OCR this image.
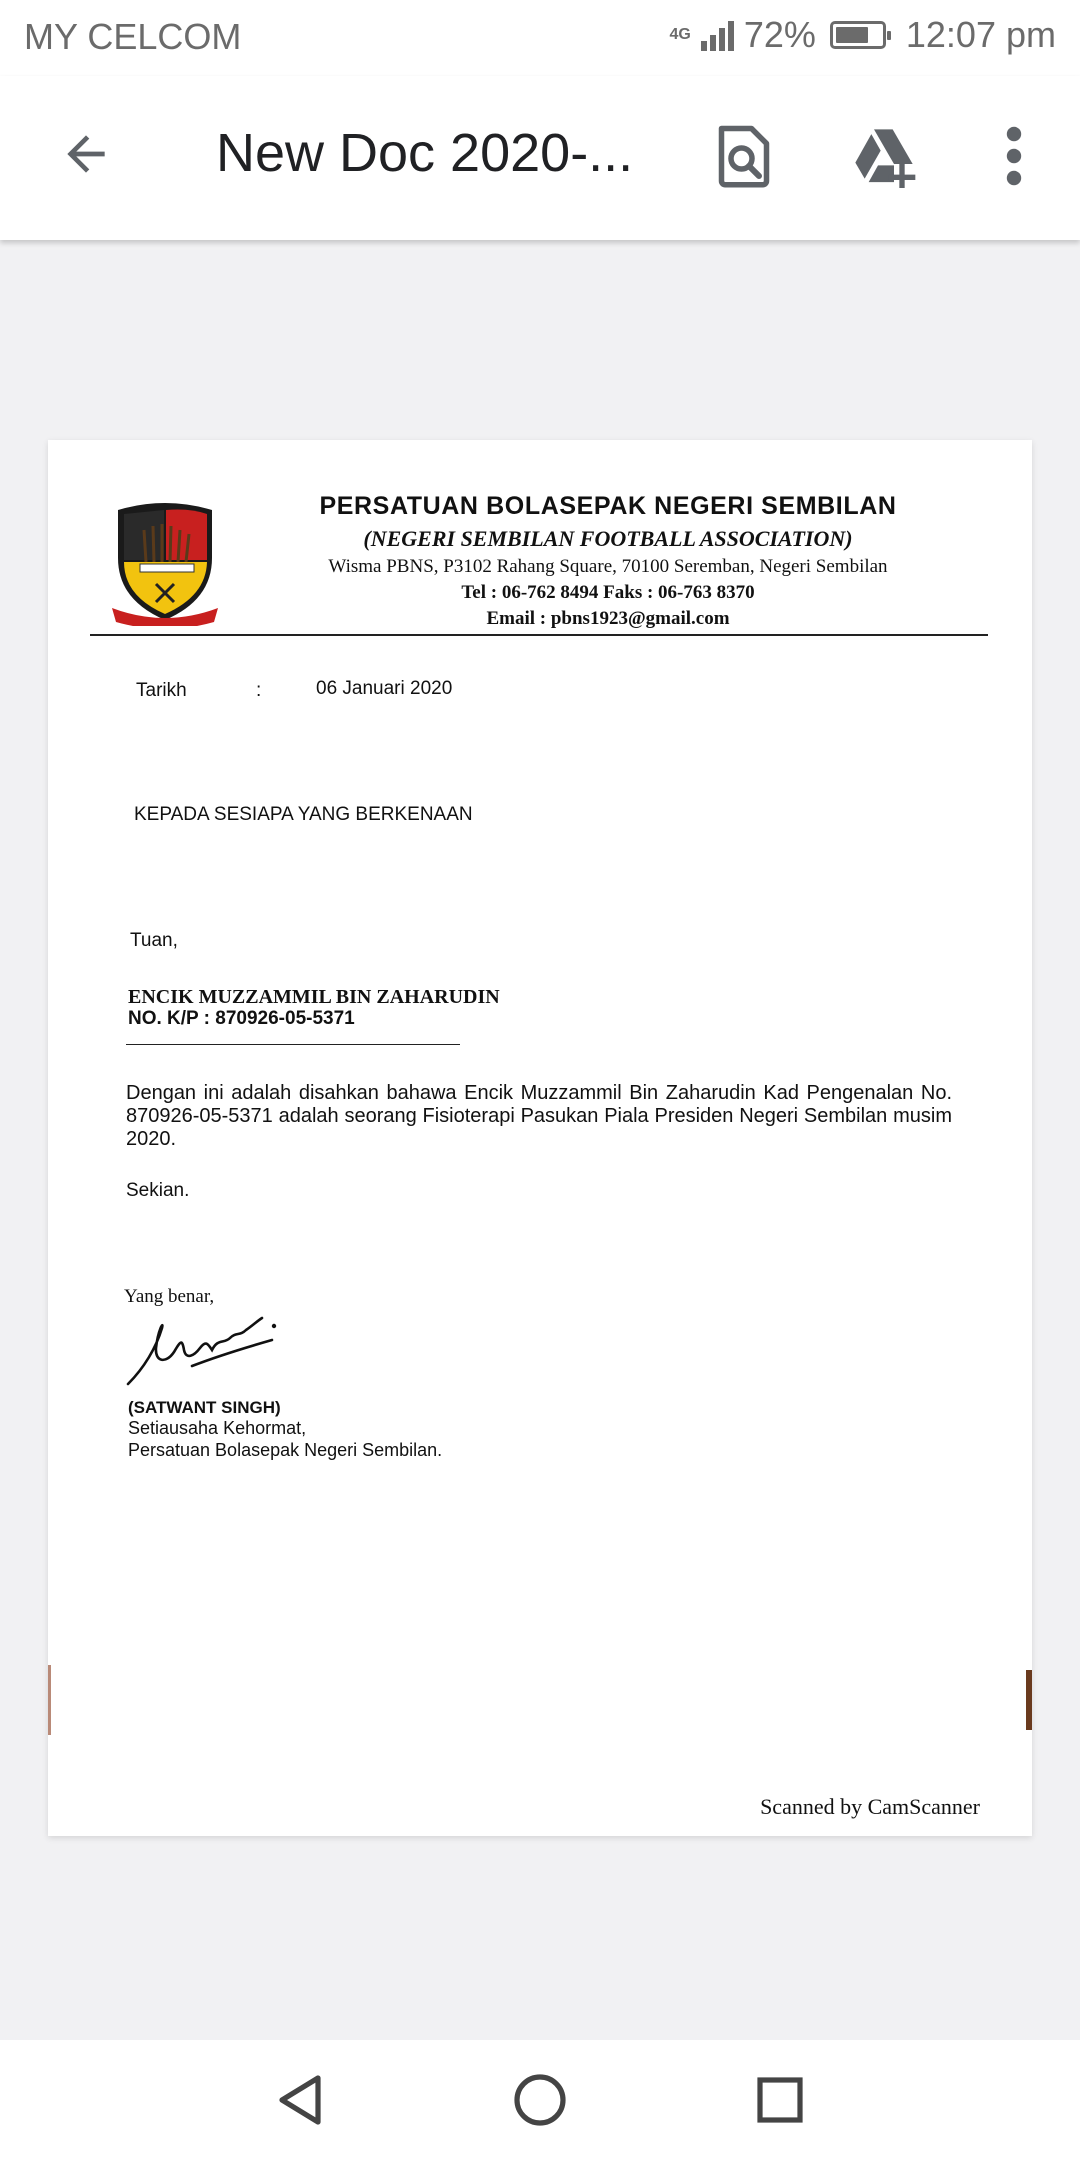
MY CELCOM	4G 72%	12:07 pm
New Doc 2020-...
PERSATUAN BOLASEPAK NEGERI SEMBILAN
(NEGERI SEMBILAN FOOTBALL ASSOCIATION)
Wisma PBNS, P3102 Rahang Square, 70100 Seremban, Negeri Sembilan
Tel : 06-762 8494 Faks : 06-763 8370
Email : pbns1923@gmail.com
Tarikh	:	06 Januari 2020
KEPADA SESIAPA YANG BERKENAAN
Tuan,
ENCIK MUZZAMMIL BIN ZAHARUDIN
NO. K/P : 870926-05-5371
Dengan ini adalah disahkan bahawa Encik Muzzammil Bin Zaharudin Kad Pengenalan No. 870926-05-5371 adalah seorang Fisioterapi Pasukan Piala Presiden Negeri Sembilan musim 2020.
Sekian.
Yang benar,
(SATWANT SINGH)
Setiausaha Kehormat,
Persatuan Bolasepak Negeri Sembilan.
Scanned by CamScanner
